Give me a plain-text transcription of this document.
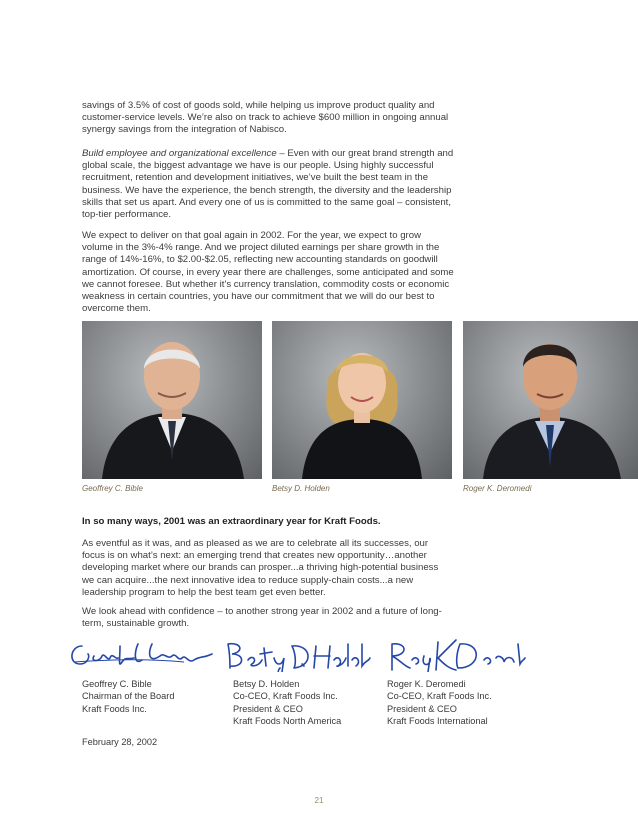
savings of 3.5% of cost of goods sold, while helping us improve product quality and customer-service levels. We’re also on track to achieve $600 million in ongoing annual synergy savings from the integration of Nabisco.

Build employee and organizational excellence – Even with our great brand strength and global scale, the biggest advantage we have is our people. Using highly successful recruitment, retention and development initiatives, we’ve built the best team in the business. We have the experience, the bench strength, the diversity and the leadership skills that set us apart. And every one of us is committed to the same goal – consistent, top-tier performance.

We expect to deliver on that goal again in 2002. For the year, we expect to grow volume in the 3%-4% range. And we project diluted earnings per share growth in the range of 14%-16%, to $2.00-$2.05, reflecting new accounting standards on goodwill amortization. Of course, in every year there are challenges, some anticipated and some we cannot foresee. But whether it’s currency translation, commodity costs or economic weakness in certain countries, you have our commitment that we will do our best to overcome them.

Geoffrey C. Bible	Betsy D. Holden	Roger K. Deromedi

In so many ways, 2001 was an extraordinary year for Kraft Foods.

As eventful as it was, and as pleased as we are to celebrate all its successes, our focus is on what’s next: an emerging trend that creates new opportunity…another developing market where our brands can prosper...a thriving high-potential business we can acquire...the next innovative idea to reduce supply-chain costs...a new leadership program to help the best team get even better.

We look ahead with confidence – to another strong year in 2002 and a future of long-term, sustainable growth.

Geoffrey C. Bible
Chairman of the Board
Kraft Foods Inc.
Betsy D. Holden
Co-CEO, Kraft Foods Inc.
President & CEO
Kraft Foods North America
Roger K. Deromedi
Co-CEO, Kraft Foods Inc.
President & CEO
Kraft Foods International
February 28, 2002
21
